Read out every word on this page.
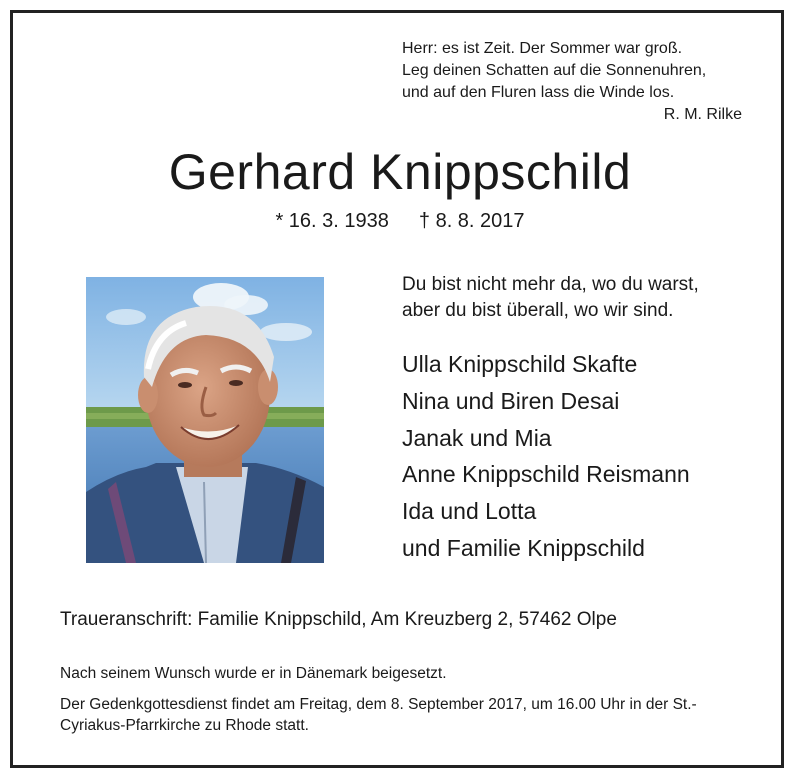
Herr: es ist Zeit. Der Sommer war groß.
Leg deinen Schatten auf die Sonnenuhren,
und auf den Fluren lass die Winde los.
R. M. Rilke
Gerhard Knippschild
* 16. 3. 1938 † 8. 8. 2017
Du bist nicht mehr da, wo du warst,
aber du bist überall, wo wir sind.
Ulla Knippschild Skafte
Nina und Biren Desai
Janak und Mia
Anne Knippschild Reismann
Ida und Lotta
und Familie Knippschild
Traueranschrift: Familie Knippschild, Am Kreuzberg 2, 57462 Olpe
Nach seinem Wunsch wurde er in Dänemark beigesetzt.
Der Gedenkgottesdienst findet am Freitag, dem 8. September 2017, um 16.00 Uhr in der St.-Cyriakus-Pfarrkirche zu Rhode statt.
